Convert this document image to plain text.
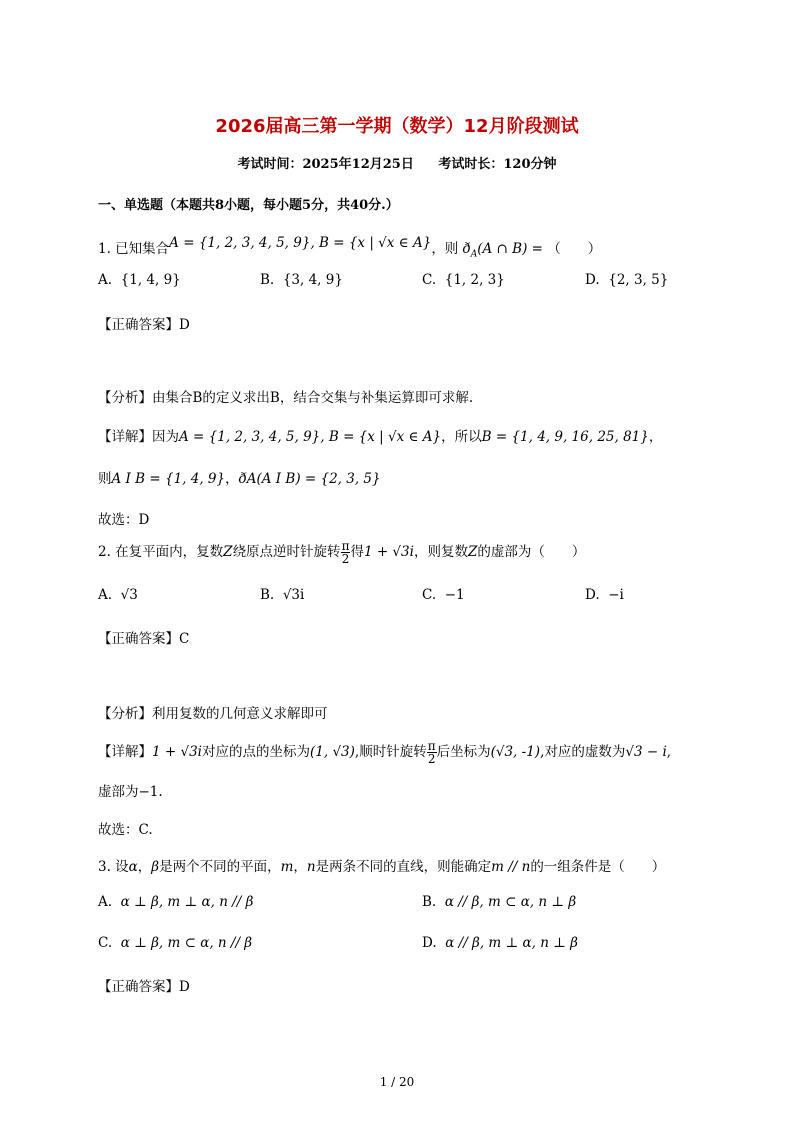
2026届高三第一学期（数学）12月阶段测试
考试时间：2025年12月25日 考试时长：120分钟
一、单选题（本题共8小题，每小题5分，共40分.）
1. 已知集合A = {1, 2, 3, 4, 5, 9}, B = {x | √x ∈ A}，则 $ð_A(A$ ∩ B) = （　　）
A. {1, 4, 9}	B. {3, 4, 9}	C. {1, 2, 3}	D. {2, 3, 5}
【正确答案】D
【分析】由集合B的定义求出B，结合交集与补集运算即可求解.
【详解】因为A = {1, 2, 3, 4, 5, 9}, B = {x | √x ∈ A}，所以B = {1, 4, 9, 16, 25, 81}，
则A I B = {1, 4, 9}，ðA(A I B) = {2, 3, 5}
故选：D
2. 在复平面内，复数Z绕原点逆时针旋转 $\frac{\pi}{2}$ 得1 + √3i，则复数Z的虚部为（　　）
A. √3	B. √3i	C. −1	D. −i
【正确答案】C
【分析】利用复数的几何意义求解即可
【详解】1 + √3i对应的点的坐标为(1, √3),顺时针旋转 $\frac{\pi}{2}$ 后坐标为(√3, -1),对应的虚数为√3 − i,
虚部为−1.
故选：C.
3. 设α，β是两个不同的平面，m，n是两条不同的直线，则能确定m // n的一组条件是（　　）
A. α ⊥ β, m ⊥ α, n // β	B. α // β, m ⊂ α, n ⊥ β
C. α ⊥ β, m ⊂ α, n // β	D. α // β, m ⊥ α, n ⊥ β
【正确答案】D
1 / 20
